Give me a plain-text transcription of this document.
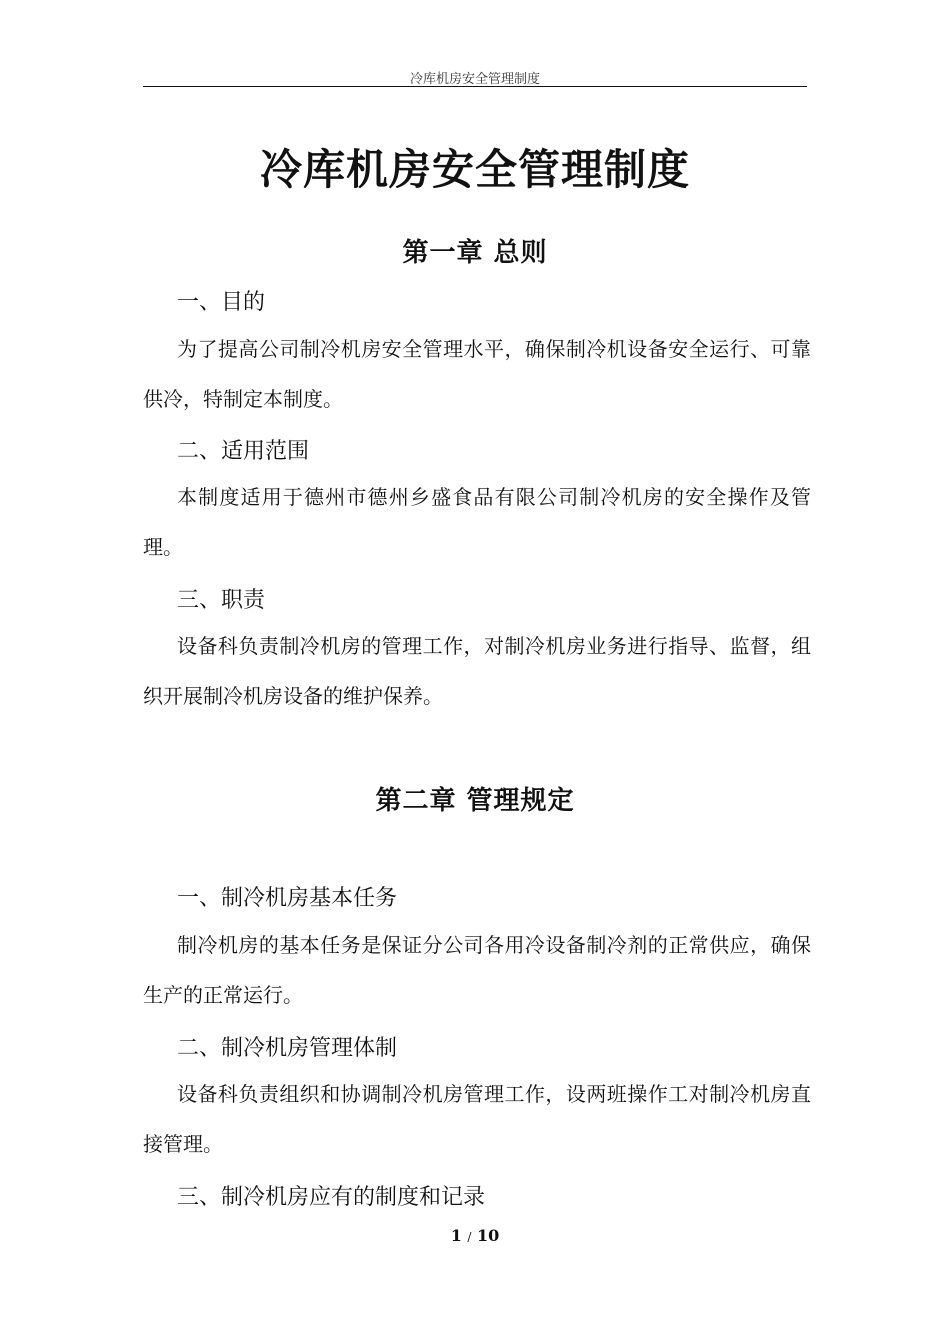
冷库机房安全管理制度
冷库机房安全管理制度
第一章 总则
一、目的

为了提高公司制冷机房安全管理水平，确保制冷机设备安全运行、可靠供冷，特制定本制度。

二、适用范围

本制度适用于德州市德州乡盛食品有限公司制冷机房的安全操作及管理。

三、职责

设备科负责制冷机房的管理工作，对制冷机房业务进行指导、监督，组织开展制冷机房设备的维护保养。

第二章 管理规定
一、制冷机房基本任务

制冷机房的基本任务是保证分公司各用冷设备制冷剂的正常供应，确保生产的正常运行。

二、制冷机房管理体制

设备科负责组织和协调制冷机房管理工作，设两班操作工对制冷机房直接管理。

三、制冷机房应有的制度和记录
1 / 10
